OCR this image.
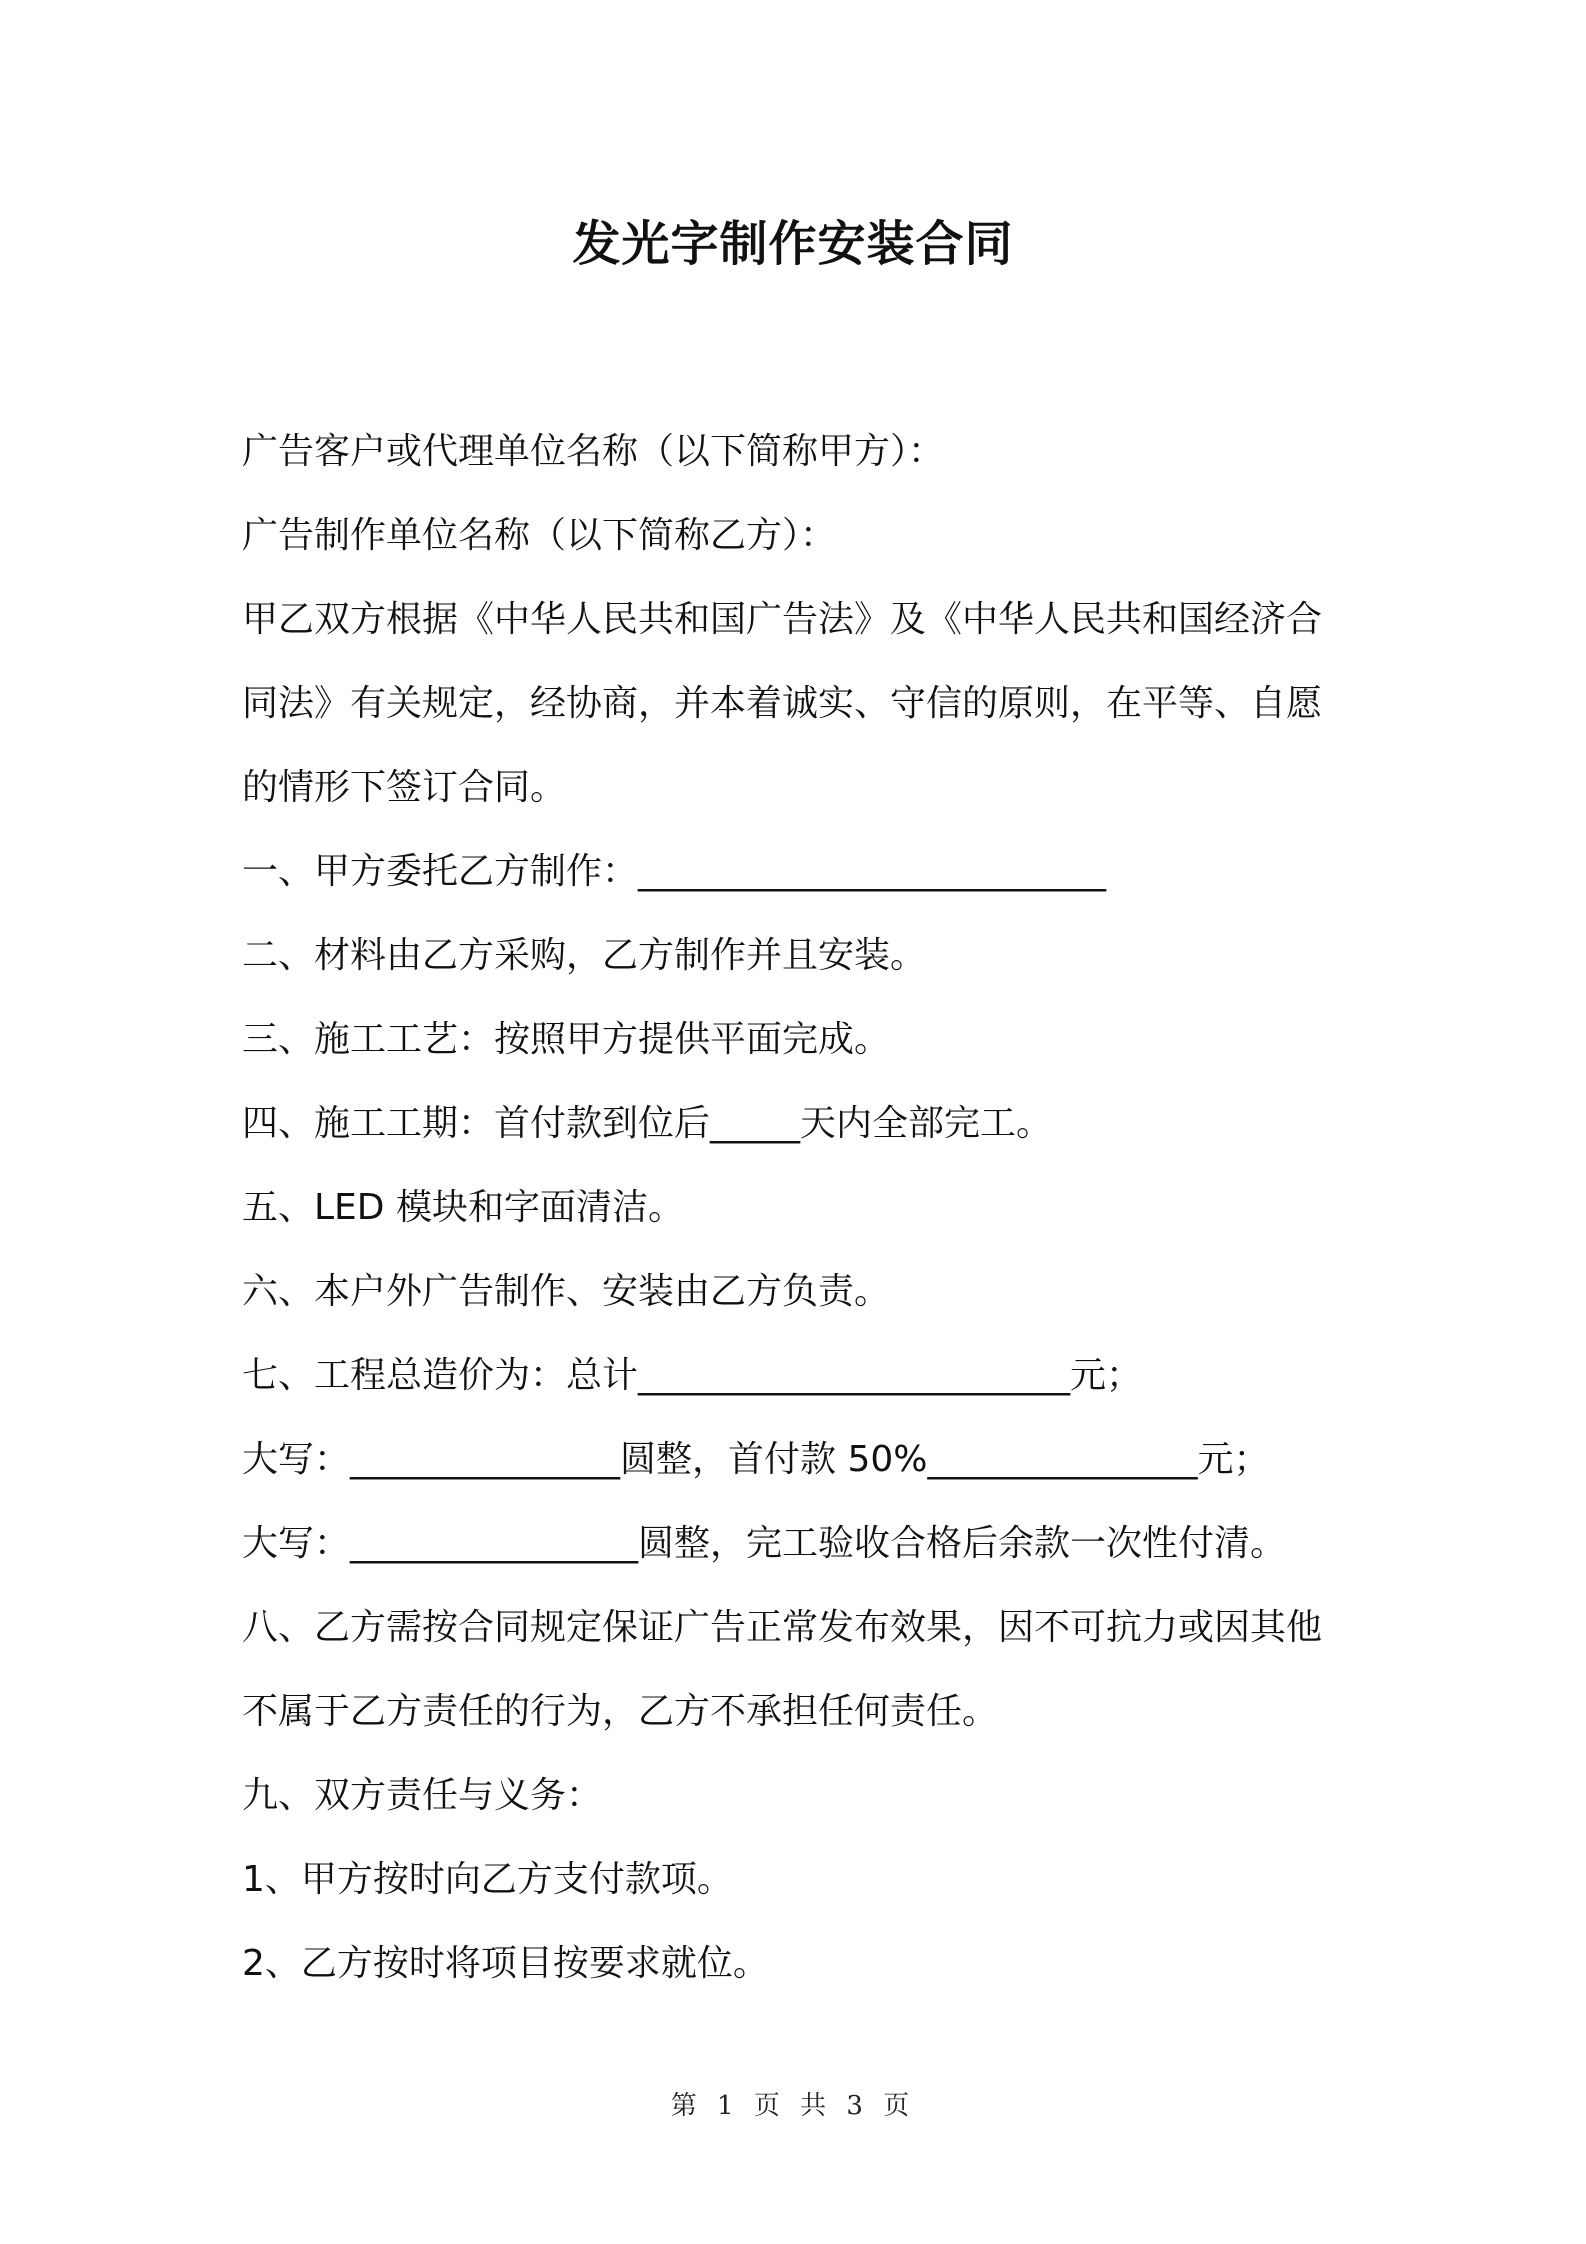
发光字制作安装合同

广告客户或代理单位名称（以下简称甲方）：

广告制作单位名称（以下简称乙方）：

甲乙双方根据《中华人民共和国广告法》及《中华人民共和国经济合

同法》有关规定，经协商，并本着诚实、守信的原则，在平等、自愿

的情形下签订合同。

一、甲方委托乙方制作：__________________________

二、材料由乙方采购，乙方制作并且安装。

三、施工工艺：按照甲方提供平面完成。

四、施工工期：首付款到位后_____天内全部完工。

五、LED 模块和字面清洁。

六、本户外广告制作、安装由乙方负责。

七、工程总造价为：总计________________________元；

大写：_______________圆整，首付款 50%_______________元；

大写：________________圆整，完工验收合格后余款一次性付清。

八、乙方需按合同规定保证广告正常发布效果，因不可抗力或因其他

不属于乙方责任的行为，乙方不承担任何责任。

九、双方责任与义务：

1、甲方按时向乙方支付款项。

2、乙方按时将项目按要求就位。

第 1 页 共 3 页
